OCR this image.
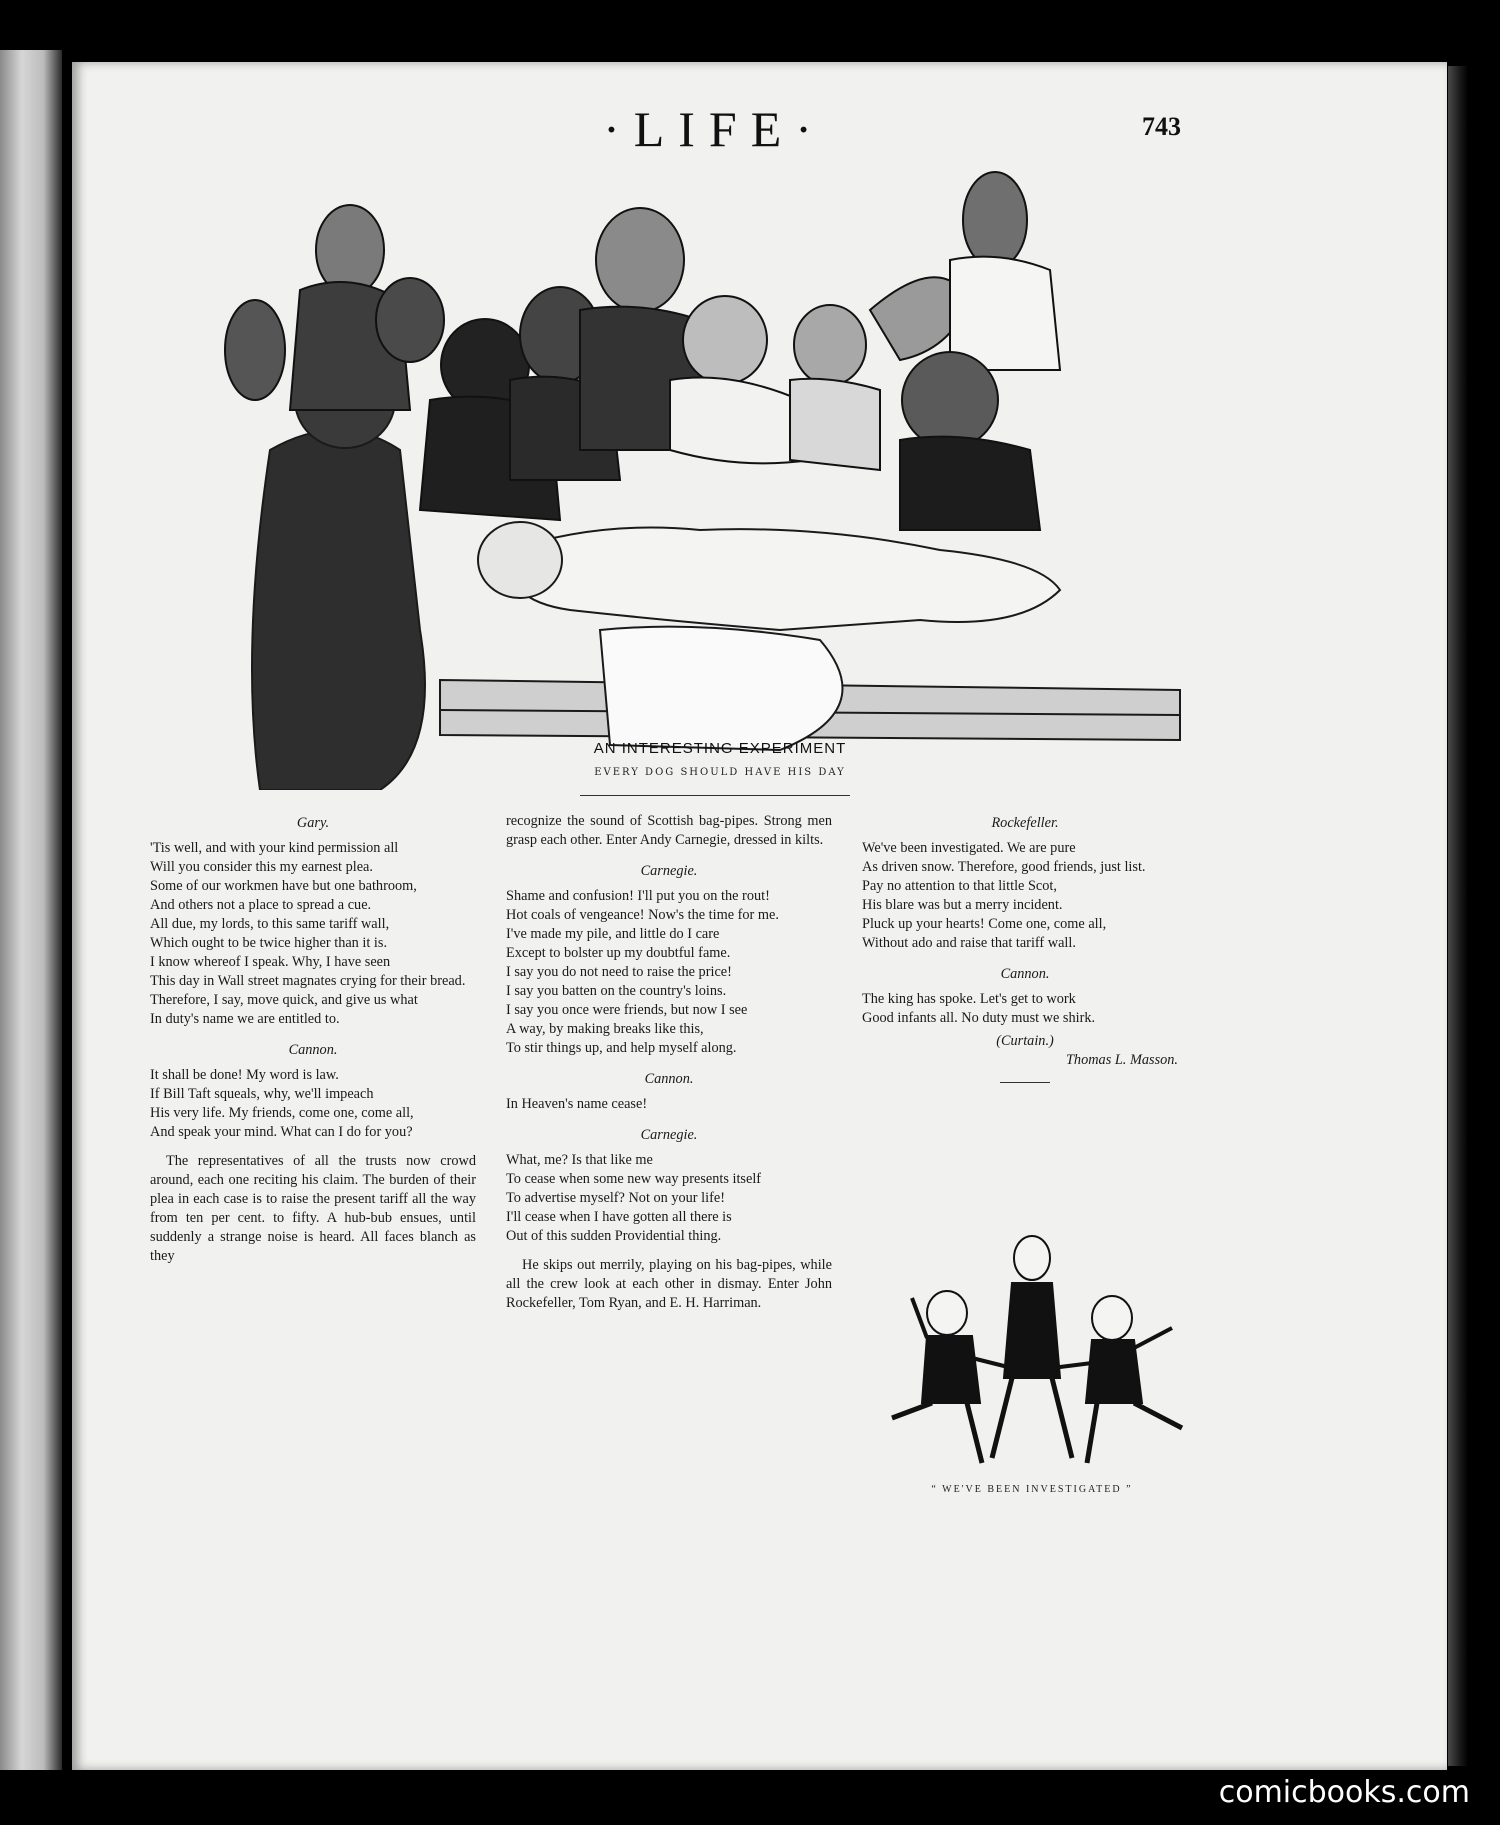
·LIFE·	743
AN INTERESTING EXPERIMENT
EVERY DOG SHOULD HAVE HIS DAY
Gary.
'Tis well, and with your kind permission all
Will you consider this my earnest plea.
Some of our workmen have but one bathroom,
And others not a place to spread a cue.
All due, my lords, to this same tariff wall,
Which ought to be twice higher than it is.
I know whereof I speak. Why, I have seen
This day in Wall street magnates crying for their bread.
Therefore, I say, move quick, and give us what
In duty's name we are entitled to.
Cannon.
It shall be done! My word is law.
If Bill Taft squeals, why, we'll impeach
His very life. My friends, come one, come all,
And speak your mind. What can I do for you?

The representatives of all the trusts now crowd around, each one reciting his claim. The burden of their plea in each case is to raise the present tariff all the way from ten per cent. to fifty. A hub-bub ensues, until suddenly a strange noise is heard. All faces blanch as they

recognize the sound of Scottish bag-pipes. Strong men grasp each other. Enter Andy Carnegie, dressed in kilts.

Carnegie.
Shame and confusion! I'll put you on the rout!
Hot coals of vengeance! Now's the time for me.
I've made my pile, and little do I care
Except to bolster up my doubtful fame.
I say you do not need to raise the price!
I say you batten on the country's loins.
I say you once were friends, but now I see
A way, by making breaks like this,
To stir things up, and help myself along.
Cannon.
In Heaven's name cease!
Carnegie.
What, me? Is that like me
To cease when some new way presents itself
To advertise myself? Not on your life!
I'll cease when I have gotten all there is
Out of this sudden Providential thing.

He skips out merrily, playing on his bag-pipes, while all the crew look at each other in dismay. Enter John Rockefeller, Tom Ryan, and E. H. Harriman.

Rockefeller.
We've been investigated. We are pure
As driven snow. Therefore, good friends, just list.
Pay no attention to that little Scot,
His blare was but a merry incident.
Pluck up your hearts! Come one, come all,
Without ado and raise that tariff wall.
Cannon.
The king has spoke. Let's get to work
Good infants all. No duty must we shirk.
(Curtain.)
Thomas L. Masson.
“ WE'VE BEEN INVESTIGATED ”
comicbooks.com
